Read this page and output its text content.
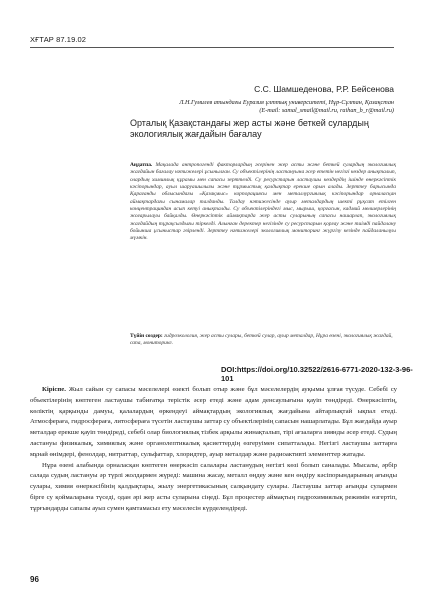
ХҒТАР 87.19.02
С.С. Шамшеденова, Р.Р. Бейсенова
Л.Н.Гумилев атындағы Еуразия ұлттық университеті, Нұр-Сұлтан, Қазақстан
(E-mail: samal_smail@mail.ru, raihan_b_r@mail.ru)
Орталық Қазақстандағы жер асты және беткей сулардың экологиялық жағдайын бағалау
Аңдатпа. Мақалада антропогенді факторлардың әсерінен жер асты және беткей сулардың экологиялық жағдайын бағалау нәтижелері ұсынылған. Су объектілерінің ластануына әсер ететін негізгі көздер анықталып, олардың химиялық құрамы мен сапасы зерттелді. Су ресурстарын ластаушы көздердің ішінде өнеркәсіптік кәсіпорындар, ауыл шаруашылығы және тұрмыстық қалдықтар ерекше орын алады. Зерттеу барысында Қарағанды облысындағы «Қазақмыс» корпорациясы мен металлургиялық кәсіпорындар орналасқан аймақтардағы сынамалар талданды. Талдау нәтижесінде ауыр металдардың шекті рұқсат етілген концентрациядан асып кетуі анықталды. Су объектілеріндегі мыс, мырыш, қорғасын, кадмий мөлшерлерінің жоғарылауы байқалды. Өнеркәсіптік аймақтарда жер асты суларының сапасы нашарлап, экологиялық жағдайдың тұрақсыздығы тіркелді. Алынған деректер негізінде су ресурстарын қорғау және тиімді пайдалану бойынша ұсыныстар әзірленді. Зерттеу нәтижелері экологиялық мониторинг жүргізу кезінде пайдаланылуы мүмкін.
Түйін сөздер: гидроэкология, жер асты сулары, беткей сулар, ауыр металдар, Нұра өзені, экологиялық жағдай, сапа, мониторинг.
DOI:https://doi.org/10.32522/2616-6771-2020-132-3-96-101

Кіріспе. Жыл сайын су сапасы мәселелері өзекті болып отыр және бұл мәселелердің ауқымы ұлғая түсуде. Себебі су объектілерінің көптеген ластаушы табиғатқа терістік әсер етеді және адам денсаулығына қауіп төндіреді. Өнеркәсіптің, көліктің қарқынды дамуы, қалалардың өркендеуі аймақтардың экологиялық жағдайына айтарлықтай ықпал етеді. Атмосфераға, гидросфераға, литосфераға түсетін ластаушы заттар су объектілерінің сапасын нашарлатады. Бұл жағдайда ауыр металдар ерекше қауіп төндіреді, себебі олар биологиялық тізбек арқылы жинақталып, тірі ағзаларға зиянды әсер етеді. Судың ластануы физикалық, химиялық және органолептикалық қасиеттердің өзгеруімен сипатталады. Негізгі ластаушы заттарға мұнай өнімдері, фенолдар, нитраттар, сульфаттар, хлоридтер, ауыр металдар және радиоактивті элементтер жатады.

Нұра өзені алабында орналасқан көптеген өнеркәсіп салалары ластанудың негізгі көзі болып саналады. Мысалы, әрбір салада судың ластануы әр түрлі жолдармен жүреді: машина жасау, металл өңдеу және кен өндіру кәсіпорындарының ағынды сулары, химия өнеркәсібінің қалдықтары, жылу энергетикасының салқындату сулары. Ластаушы заттар ағынды сулармен бірге су қоймаларына түседі, одан әрі жер асты суларына сіңеді. Бұл процестер аймақтың гидрохимиялық режимін өзгертіп, тұрғындарды сапалы ауыз сумен қамтамасыз ету мәселесін күрделендіреді.

96
